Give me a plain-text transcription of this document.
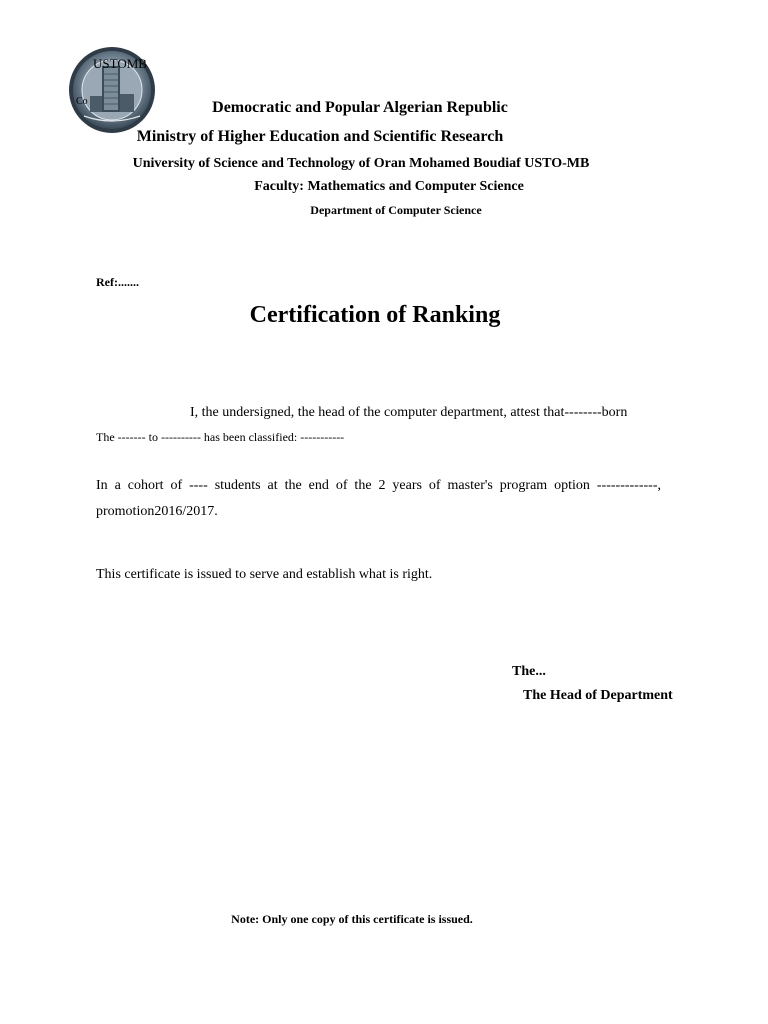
USTOMB
Co	Democratic and Popular Algerian Republic
Ministry of Higher Education and Scientific Research
University of Science and Technology of Oran Mohamed Boudiaf USTO-MB
Faculty: Mathematics and Computer Science
Department of Computer Science
Ref:.......
Certification of Ranking
I, the undersigned, the head of the computer department, attest that--------born
The ------- to ---------- has been classified: -----------
In a cohort of ---- students at the end of the 2 years of master's program option -------------, promotion2016/2017.
This certificate is issued to serve and establish what is right.
The...
The Head of Department
Note: Only one copy of this certificate is issued.
